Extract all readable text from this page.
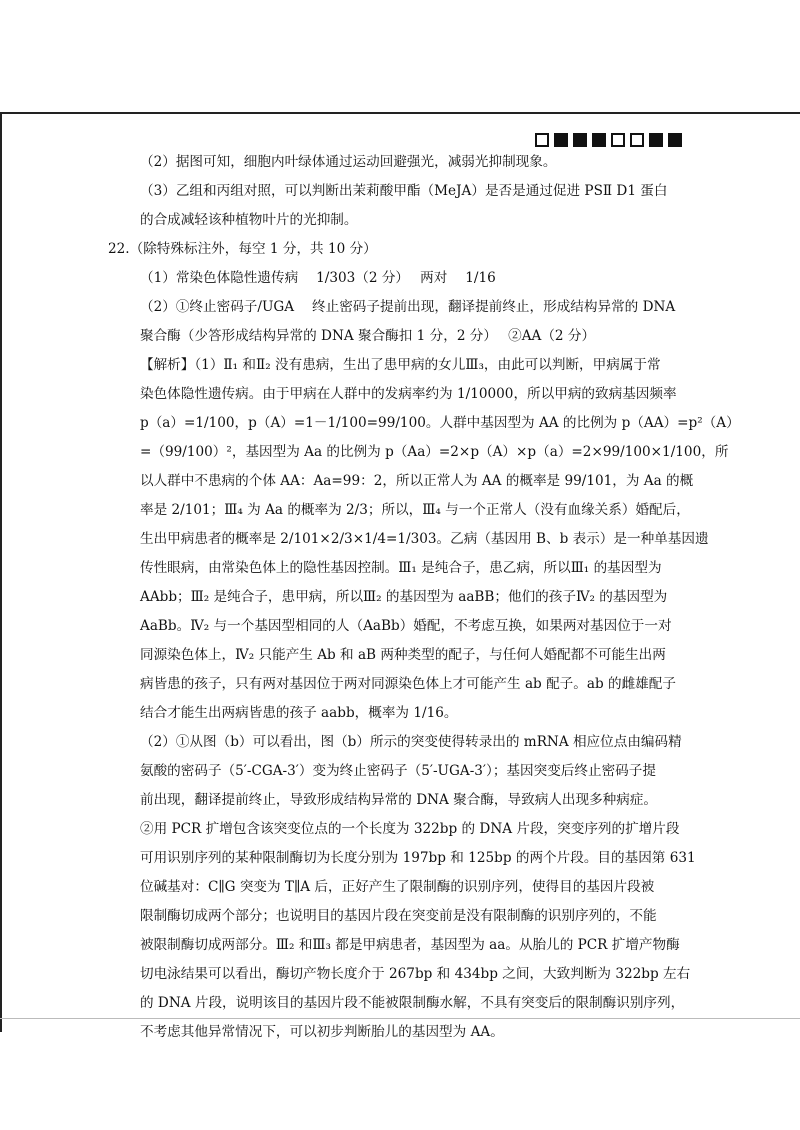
（2）据图可知，细胞内叶绿体通过运动回避强光，减弱光抑制现象。
（3）乙组和丙组对照，可以判断出茉莉酸甲酯（MeJA）是否是通过促进 PSⅡ D1 蛋白
的合成减轻该种植物叶片的光抑制。
22.（除特殊标注外，每空 1 分，共 10 分）
（1）常染色体隐性遗传病　 1/303（2 分）　 两对　 1/16
（2）①终止密码子/UGA　 终止密码子提前出现，翻译提前终止，形成结构异常的 DNA
聚合酶（少答形成结构异常的 DNA 聚合酶扣 1 分，2 分）　 ②AA（2 分）
【解析】（1）Ⅱ₁ 和Ⅱ₂ 没有患病，生出了患甲病的女儿Ⅲ₃，由此可以判断，甲病属于常
染色体隐性遗传病。由于甲病在人群中的发病率约为 1/10000，所以甲病的致病基因频率
p（a）=1/100，p（A）=1－1/100=99/100。人群中基因型为 AA 的比例为 p（AA）=p²（A）
=（99/100）²，基因型为 Aa 的比例为 p（Aa）=2×p（A）×p（a）=2×99/100×1/100，所
以人群中不患病的个体 AA：Aa=99：2，所以正常人为 AA 的概率是 99/101，为 Aa 的概
率是 2/101；Ⅲ₄ 为 Aa 的概率为 2/3；所以，Ⅲ₄ 与一个正常人（没有血缘关系）婚配后，
生出甲病患者的概率是 2/101×2/3×1/4=1/303。乙病（基因用 B、b 表示）是一种单基因遗
传性眼病，由常染色体上的隐性基因控制。Ⅲ₁ 是纯合子，患乙病，所以Ⅲ₁ 的基因型为
AAbb；Ⅲ₂ 是纯合子，患甲病，所以Ⅲ₂ 的基因型为 aaBB；他们的孩子Ⅳ₂ 的基因型为
AaBb。Ⅳ₂ 与一个基因型相同的人（AaBb）婚配，不考虑互换，如果两对基因位于一对
同源染色体上，Ⅳ₂ 只能产生 Ab 和 aB 两种类型的配子，与任何人婚配都不可能生出两
病皆患的孩子，只有两对基因位于两对同源染色体上才可能产生 ab 配子。ab 的雌雄配子
结合才能生出两病皆患的孩子 aabb，概率为 1/16。
（2）①从图（b）可以看出，图（b）所示的突变使得转录出的 mRNA 相应位点由编码精
氨酸的密码子（5′-CGA-3′）变为终止密码子（5′-UGA-3′）；基因突变后终止密码子提
前出现，翻译提前终止，导致形成结构异常的 DNA 聚合酶，导致病人出现多种病症。
②用 PCR 扩增包含该突变位点的一个长度为 322bp 的 DNA 片段，突变序列的扩增片段
可用识别序列的某种限制酶切为长度分别为 197bp 和 125bp 的两个片段。目的基因第 631
位碱基对：C∥G 突变为 T∥A 后，正好产生了限制酶的识别序列，使得目的基因片段被
限制酶切成两个部分；也说明目的基因片段在突变前是没有限制酶的识别序列的，不能
被限制酶切成两部分。Ⅲ₂ 和Ⅲ₃ 都是甲病患者，基因型为 aa。从胎儿的 PCR 扩增产物酶
切电泳结果可以看出，酶切产物长度介于 267bp 和 434bp 之间，大致判断为 322bp 左右
的 DNA 片段，说明该目的基因片段不能被限制酶水解，不具有突变后的限制酶识别序列，
不考虑其他异常情况下，可以初步判断胎儿的基因型为 AA。
